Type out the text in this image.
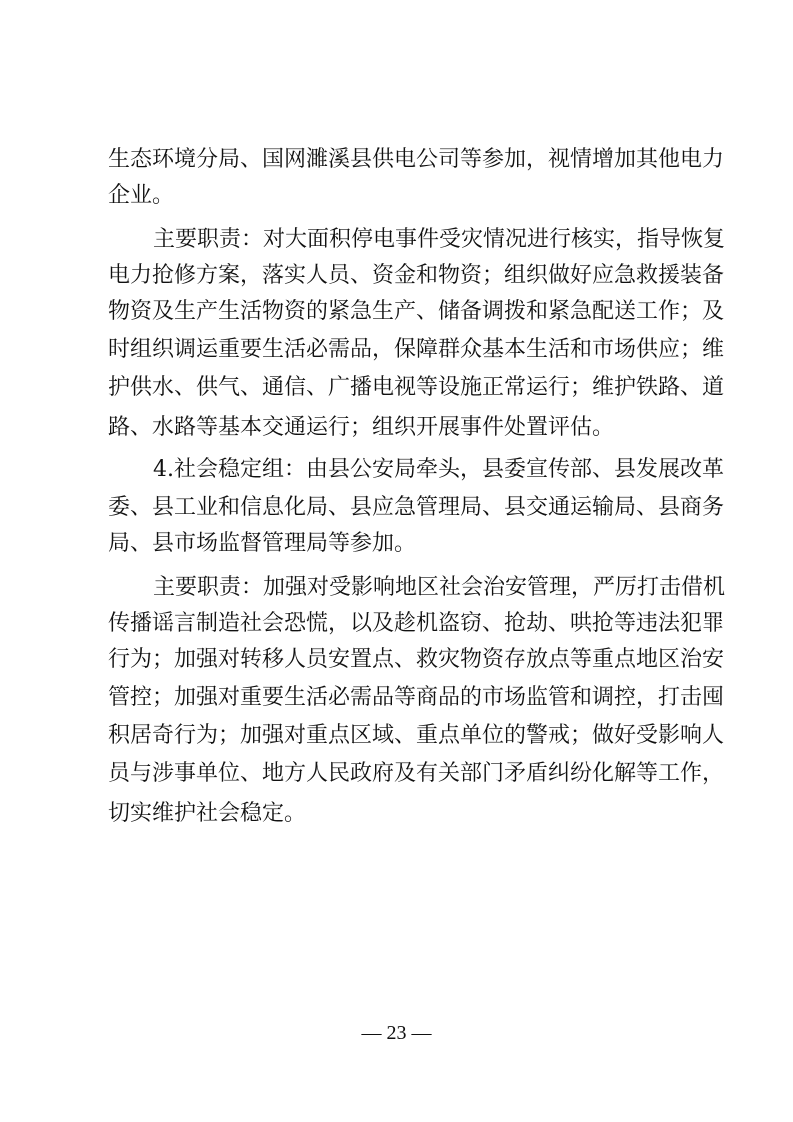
生态环境分局、国网濉溪县供电公司等参加，视情增加其他电力
企业。
主要职责：对大面积停电事件受灾情况进行核实，指导恢复
电力抢修方案，落实人员、资金和物资；组织做好应急救援装备
物资及生产生活物资的紧急生产、储备调拨和紧急配送工作；及
时组织调运重要生活必需品，保障群众基本生活和市场供应；维
护供水、供气、通信、广播电视等设施正常运行；维护铁路、道
路、水路等基本交通运行；组织开展事件处置评估。
4.社会稳定组：由县公安局牵头，县委宣传部、县发展改革
委、县工业和信息化局、县应急管理局、县交通运输局、县商务
局、县市场监督管理局等参加。
主要职责：加强对受影响地区社会治安管理，严厉打击借机
传播谣言制造社会恐慌，以及趁机盗窃、抢劫、哄抢等违法犯罪
行为；加强对转移人员安置点、救灾物资存放点等重点地区治安
管控；加强对重要生活必需品等商品的市场监管和调控，打击囤
积居奇行为；加强对重点区域、重点单位的警戒；做好受影响人
员与涉事单位、地方人民政府及有关部门矛盾纠纷化解等工作，
切实维护社会稳定。
— 23 —
